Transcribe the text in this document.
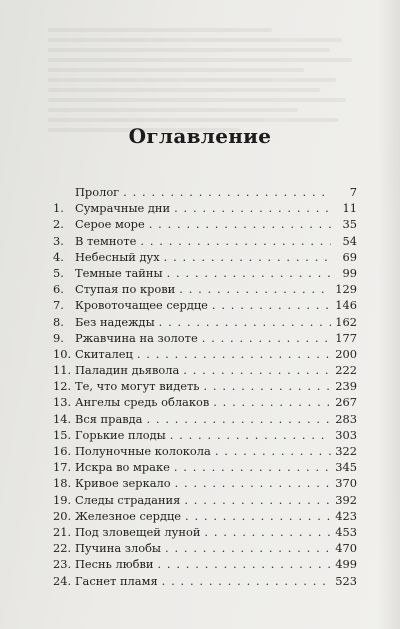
Оглавление
Пролог . . .	7
1. Сумрачные дни . . .	11
2. Серое море . . .	35
3. В темноте . . .	54
4. Небесный дух . . .	69
5. Темные тайны . . .	99
6. Ступая по крови . . .	129
7. Кровоточащее сердце . . .	146
8. Без надежды . . .	162
9. Ржавчина на золоте . . .	177
10. Скиталец . . .	200
11. Паладин дьявола . . .	222
12. Те, что могут видеть . . .	239
13. Ангелы средь облаков . . .	267
14. Вся правда . . .	283
15. Горькие плоды . . .	303
16. Полуночные колокола . . .	322
17. Искра во мраке . . .	345
18. Кривое зеркало . . .	370
19. Следы страдания . . .	392
20. Железное сердце . . .	423
21. Под зловещей луной . . .	453
22. Пучина злобы . . .	470
23. Песнь любви . . .	499
24. Гаснет пламя . . .	523
